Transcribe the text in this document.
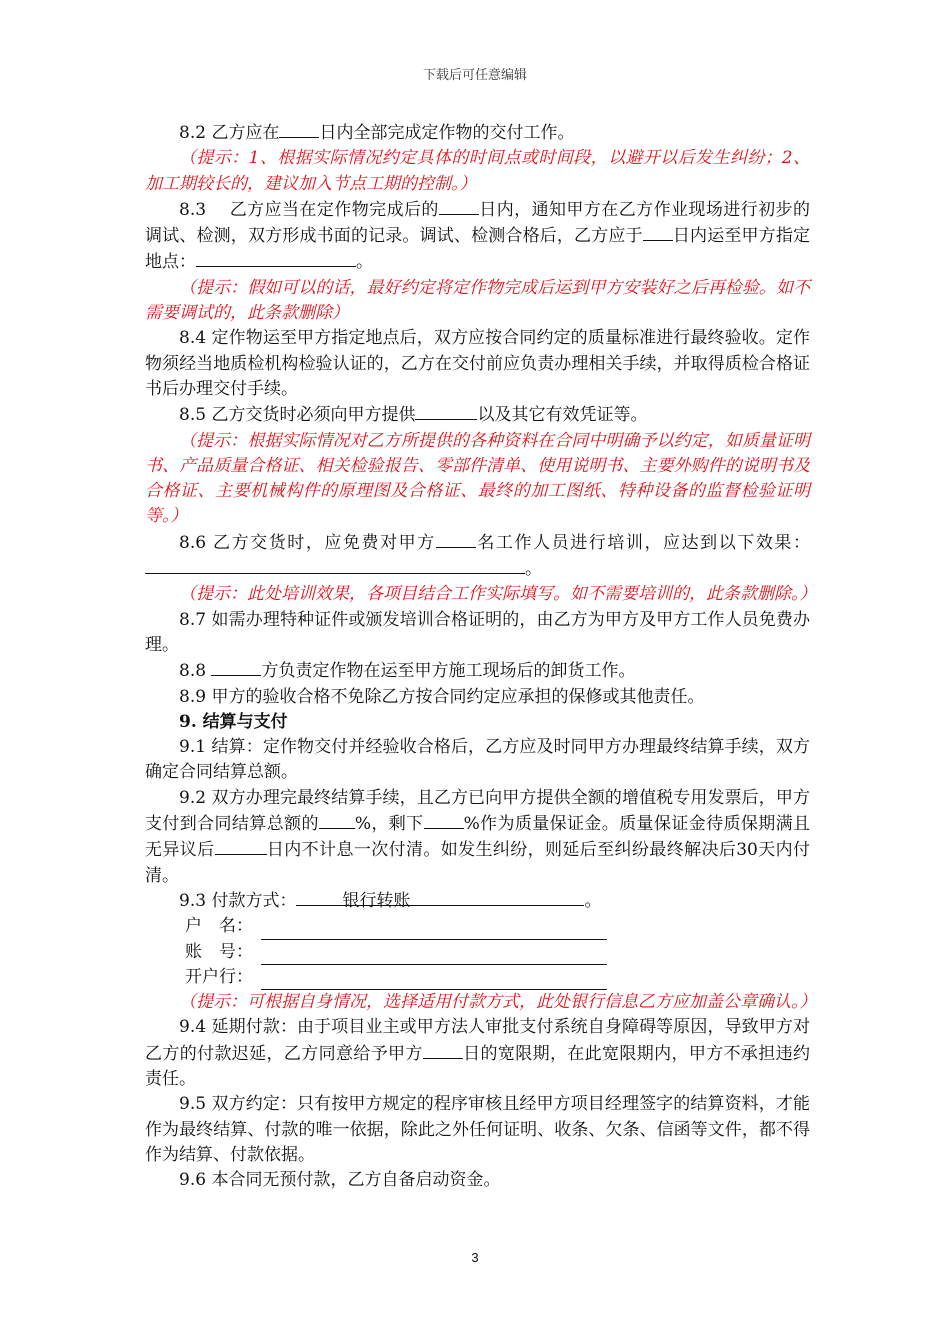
下载后可任意编辑

8.2 乙方应在 日内全部完成定作物的交付工作。

（提示：1、根据实际情况约定具体的时间点或时间段，以避开以后发生纠纷；2、加工期较长的，建议加入节点工期的控制。）

8.3　 乙方应当在定作物完成后的 日内，通知甲方在乙方作业现场进行初步的调试、检测，双方形成书面的记录。调试、检测合格后，乙方应于 日内运至甲方指定地点：	。

（提示：假如可以的话，最好约定将定作物完成后运到甲方安装好之后再检验。如不需要调试的，此条款删除）

8.4 定作物运至甲方指定地点后，双方应按合同约定的质量标准进行最终验收。定作物须经当地质检机构检验认证的，乙方在交付前应负责办理相关手续，并取得质检合格证书后办理交付手续。

8.5 乙方交货时必须向甲方提供	以及其它有效凭证等。

（提示：根据实际情况对乙方所提供的各种资料在合同中明确予以约定，如质量证明书、产品质量合格证、相关检验报告、零部件清单、使用说明书、主要外购件的说明书及合格证、主要机械构件的原理图及合格证、最终的加工图纸、特种设备的监督检验证明等。）

8.6 乙方交货时，应免费对甲方 名工作人员进行培训，应达到以下效果：。

（提示：此处培训效果，各项目结合工作实际填写。如不需要培训的，此条款删除。）

8.7 如需办理特种证件或颁发培训合格证明的，由乙方为甲方及甲方工作人员免费办理。

8.8	方负责定作物在运至甲方施工现场后的卸货工作。

8.9 甲方的验收合格不免除乙方按合同约定应承担的保修或其他责任。

9. 结算与支付

9.1 结算：定作物交付并经验收合格后，乙方应及时同甲方办理最终结算手续，双方确定合同结算总额。

9.2 双方办理完最终结算手续，且乙方已向甲方提供全额的增值税专用发票后，甲方支付到合同结算总额的 %，剩下 %作为质量保证金。质量保证金待质保期满且无异议后	日内不计息一次付清。如发生纠纷，则延后至纠纷最终解决后30天内付清。

9.3 付款方式：	银行转账	。

户　名：

账　号：

开户行：

（提示：可根据自身情况，选择适用付款方式，此处银行信息乙方应加盖公章确认。）

9.4 延期付款：由于项目业主或甲方法人审批支付系统自身障碍等原因，导致甲方对乙方的付款迟延，乙方同意给予甲方 日的宽限期，在此宽限期内，甲方不承担违约责任。

9.5 双方约定：只有按甲方规定的程序审核且经甲方项目经理签字的结算资料，才能作为最终结算、付款的唯一依据，除此之外任何证明、收条、欠条、信函等文件，都不得作为结算、付款依据。

9.6 本合同无预付款，乙方自备启动资金。

3
